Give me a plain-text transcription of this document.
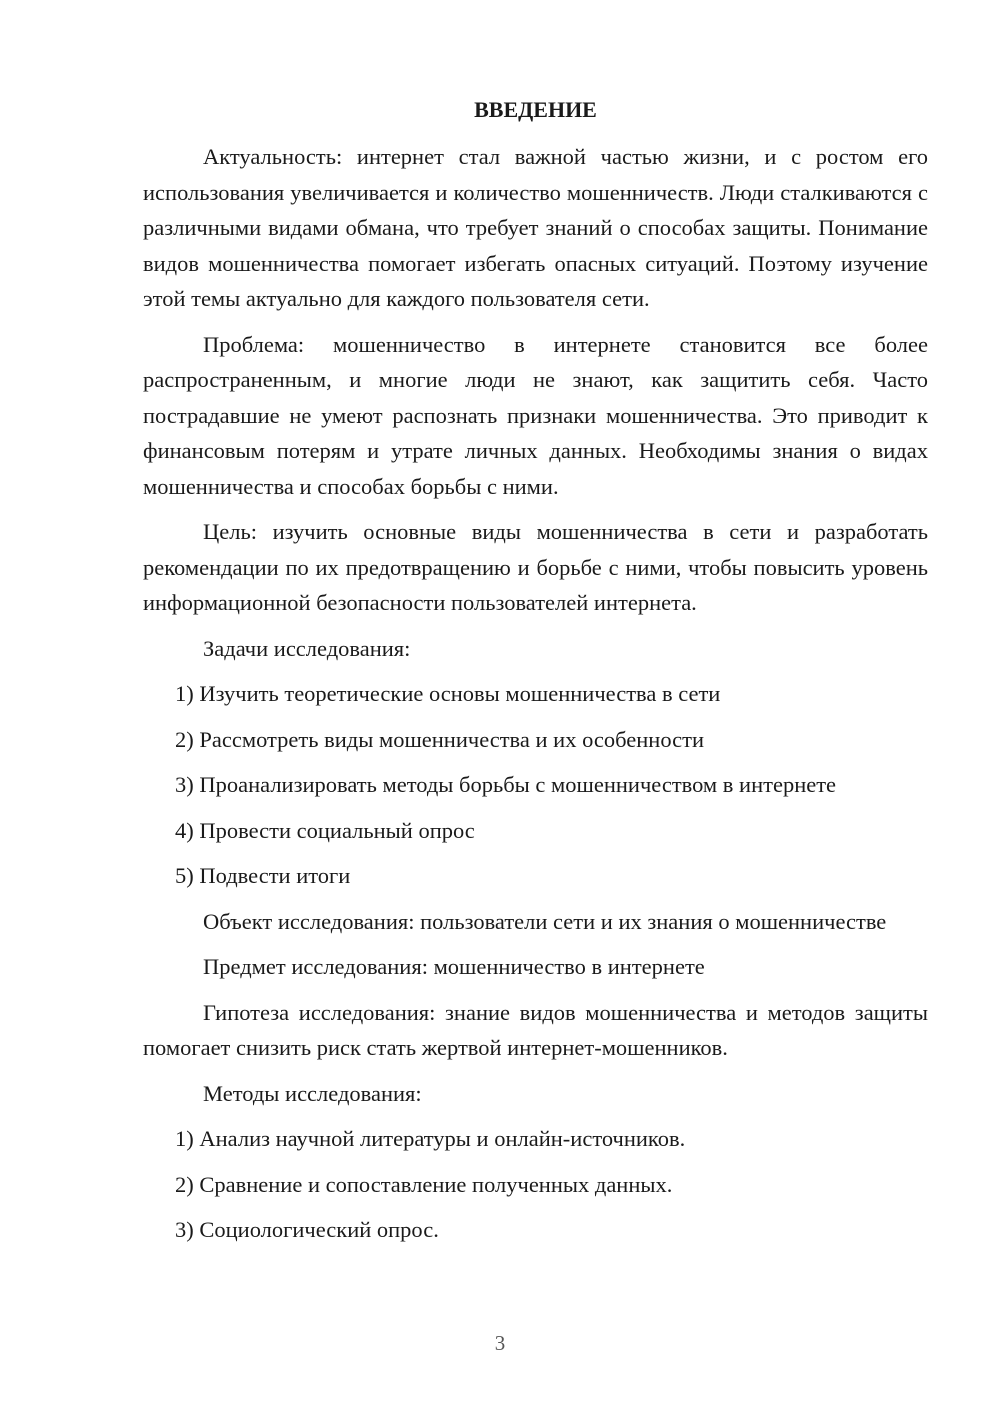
ВВЕДЕНИЕ

Актуальность: интернет стал важной частью жизни, и с ростом его использования увеличивается и количество мошенничеств. Люди сталкиваются с различными видами обмана, что требует знаний о способах защиты. Понимание видов мошенничества помогает избегать опасных ситуаций. Поэтому изучение этой темы актуально для каждого пользователя сети.

Проблема: мошенничество в интернете становится все более распространенным, и многие люди не знают, как защитить себя. Часто пострадавшие не умеют распознать признаки мошенничества. Это приводит к финансовым потерям и утрате личных данных. Необходимы знания о видах мошенничества и способах борьбы с ними.

Цель: изучить основные виды мошенничества в сети и разработать рекомендации по их предотвращению и борьбе с ними, чтобы повысить уровень информационной безопасности пользователей интернета.

Задачи исследования:

1) Изучить теоретические основы мошенничества в сети

2) Рассмотреть виды мошенничества и их особенности

3) Проанализировать методы борьбы с мошенничеством в интернете

4) Провести социальный опрос

5) Подвести итоги

Объект исследования: пользователи сети и их знания о мошенничестве

Предмет исследования: мошенничество в интернете

Гипотеза исследования: знание видов мошенничества и методов защиты помогает снизить риск стать жертвой интернет-мошенников.

Методы исследования:

1) Анализ научной литературы и онлайн-источников.

2) Сравнение и сопоставление полученных данных.

3) Социологический опрос.

3
